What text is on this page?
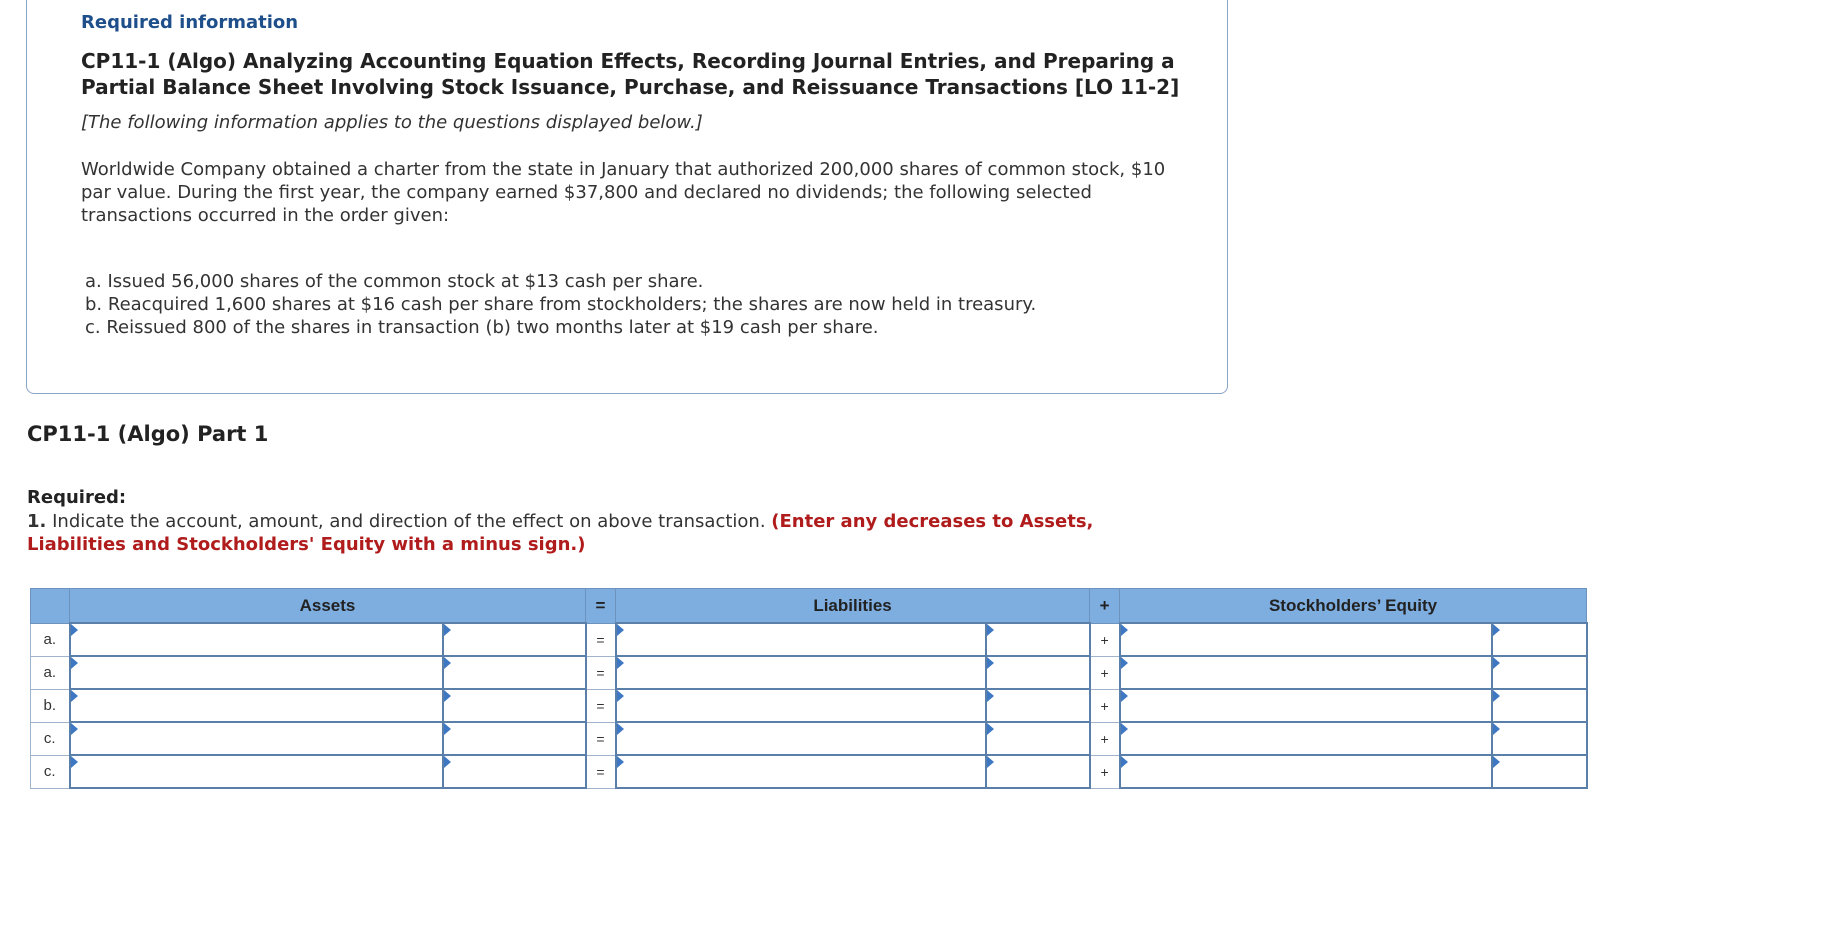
Required information
CP11-1 (Algo) Analyzing Accounting Equation Effects, Recording Journal Entries, and Preparing a Partial Balance Sheet Involving Stock Issuance, Purchase, and Reissuance Transactions [LO 11-2]
[The following information applies to the questions displayed below.]
Worldwide Company obtained a charter from the state in January that authorized 200,000 shares of common stock, $10 par value. During the first year, the company earned $37,800 and declared no dividends; the following selected transactions occurred in the order given:
a. Issued 56,000 shares of the common stock at $13 cash per share.
b. Reacquired 1,600 shares at $16 cash per share from stockholders; the shares are now held in treasury.
c. Reissued 800 of the shares in transaction (b) two months later at $19 cash per share.
CP11-1 (Algo) Part 1
Required:
1. Indicate the account, amount, and direction of the effect on above transaction. (Enter any decreases to Assets, Liabilities and Stockholders' Equity with a minus sign.)
	Assets		=	Liabilities		+	Stockholders’ Equity	
a.			=			+	

a.			=			+	

b.			=			+	

c.			=			+	

c.			=			+	
